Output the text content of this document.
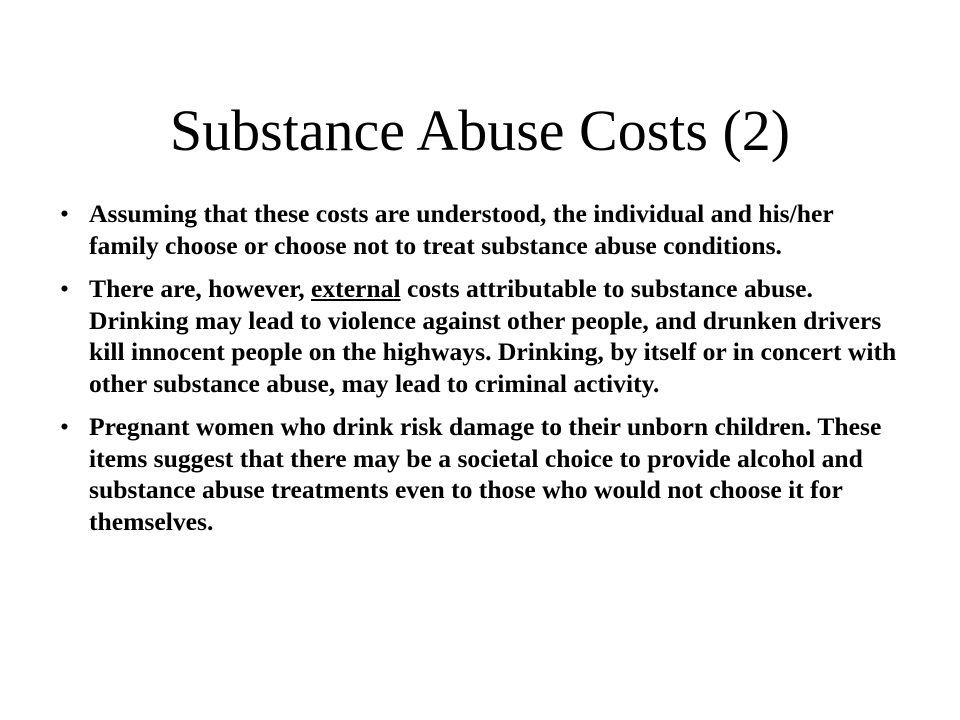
Substance Abuse Costs (2)
• Assuming that these costs are understood, the individual and his/her family choose or choose not to treat substance abuse conditions.
• There are, however, external costs attributable to substance abuse. Drinking may lead to violence against other people, and drunken drivers kill innocent people on the highways. Drinking, by itself or in concert with other substance abuse, may lead to criminal activity.
• Pregnant women who drink risk damage to their unborn children. These items suggest that there may be a societal choice to provide alcohol and substance abuse treatments even to those who would not choose it for themselves.
